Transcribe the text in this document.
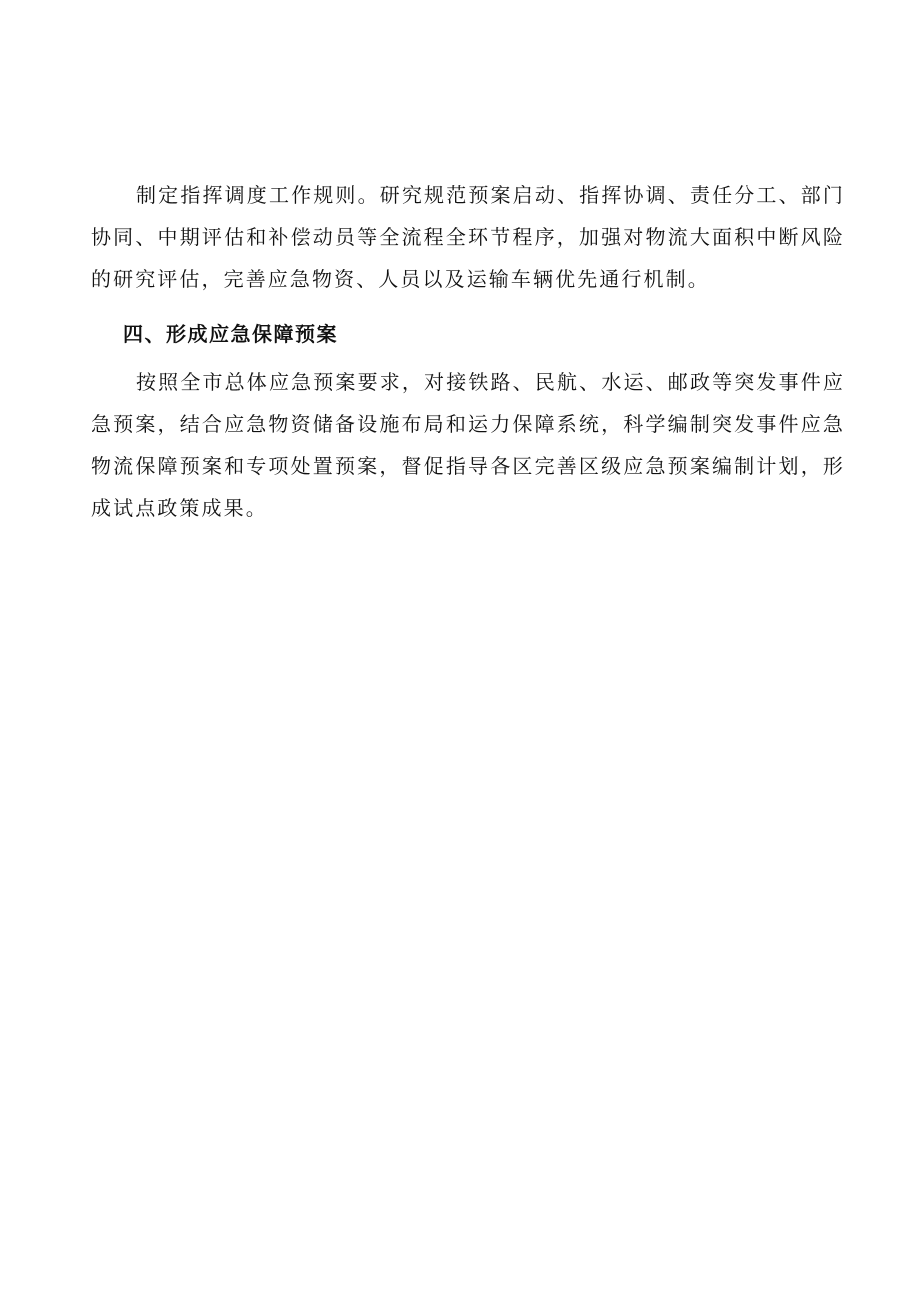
制定指挥调度工作规则。研究规范预案启动、指挥协调、责任分工、部门协同、中期评估和补偿动员等全流程全环节程序，加强对物流大面积中断风险的研究评估，完善应急物资、人员以及运输车辆优先通行机制。

四、形成应急保障预案

按照全市总体应急预案要求，对接铁路、民航、水运、邮政等突发事件应急预案，结合应急物资储备设施布局和运力保障系统，科学编制突发事件应急物流保障预案和专项处置预案，督促指导各区完善区级应急预案编制计划，形成试点政策成果。
